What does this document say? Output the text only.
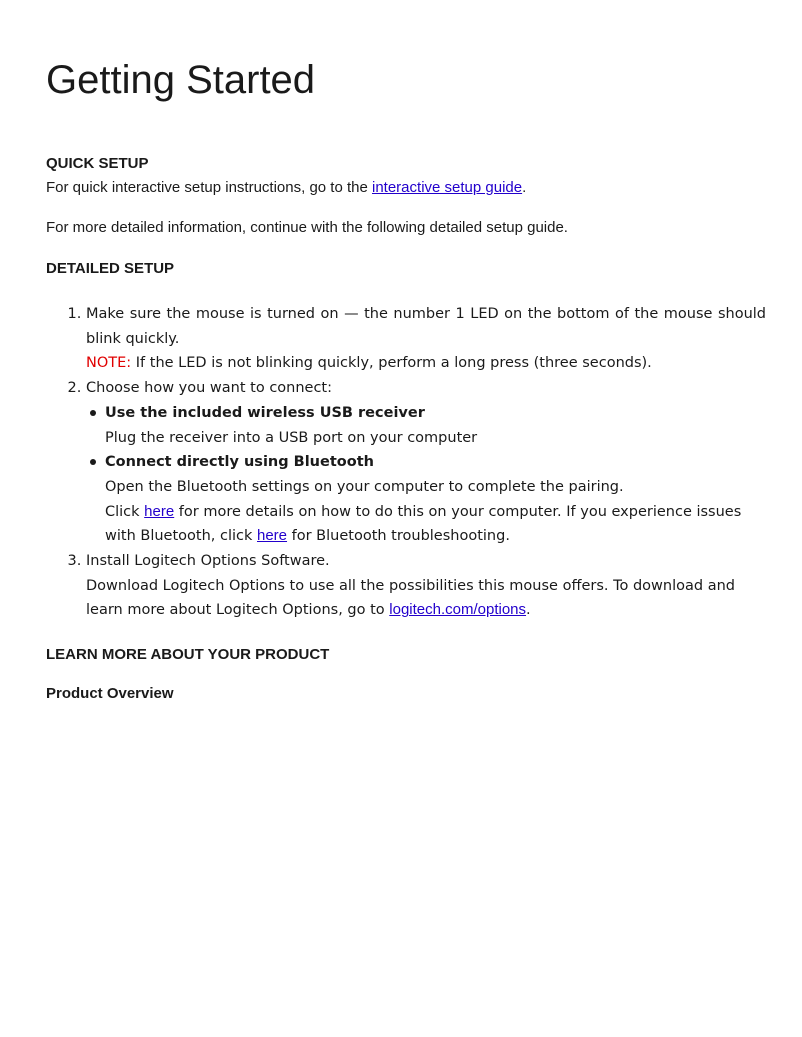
Getting Started
QUICK SETUP
For quick interactive setup instructions, go to the interactive setup guide.
For more detailed information, continue with the following detailed setup guide.
DETAILED SETUP
1. Make sure the mouse is turned on — the number 1 LED on the bottom of the mouse should blink quickly.
NOTE: If the LED is not blinking quickly, perform a long press (three seconds).
2. Choose how you want to connect:
Use the included wireless USB receiver
Plug the receiver into a USB port on your computer
Connect directly using Bluetooth
Open the Bluetooth settings on your computer to complete the pairing.
Click here for more details on how to do this on your computer. If you experience issues with Bluetooth, click here for Bluetooth troubleshooting.
3. Install Logitech Options Software.
Download Logitech Options to use all the possibilities this mouse offers. To download and learn more about Logitech Options, go to logitech.com/options.
LEARN MORE ABOUT YOUR PRODUCT
Product Overview
